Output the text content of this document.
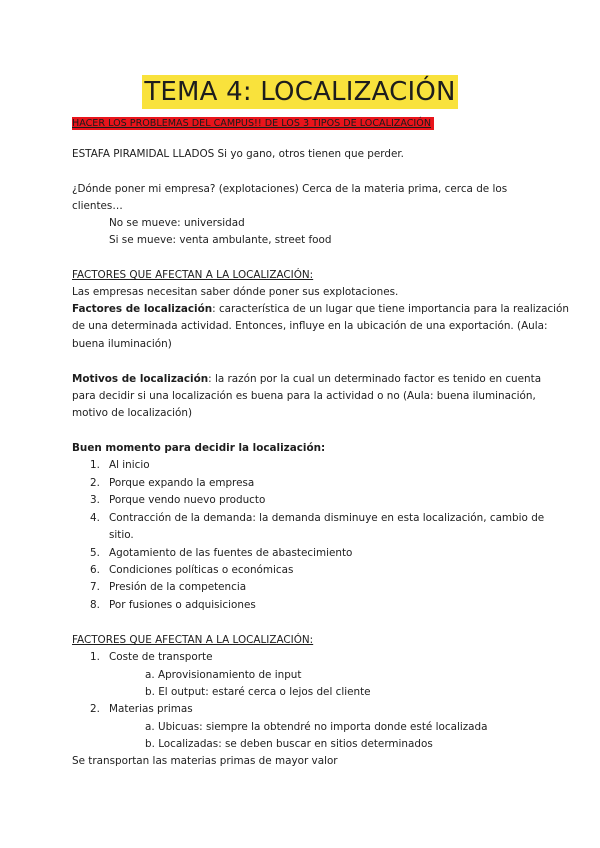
TEMA 4: LOCALIZACIÓN
HACER LOS PROBLEMAS DEL CAMPUS!! DE LOS 3 TIPOS DE LOCALIZACIÓN
ESTAFA PIRAMIDAL LLADOS Si yo gano, otros tienen que perder.
¿Dónde poner mi empresa? (explotaciones) Cerca de la materia prima, cerca de los
clientes…
No se mueve: universidad
Si se mueve: venta ambulante, street food
FACTORES QUE AFECTAN A LA LOCALIZACIÓN:
Las empresas necesitan saber dónde poner sus explotaciones.
Factores de localización: característica de un lugar que tiene importancia para la realización
de una determinada actividad. Entonces, influye en la ubicación de una exportación. (Aula:
buena iluminación)
Motivos de localización: la razón por la cual un determinado factor es tenido en cuenta
para decidir si una localización es buena para la actividad o no (Aula: buena iluminación,
motivo de localización)
Buen momento para decidir la localización:
1. Al inicio
2. Porque expando la empresa
3. Porque vendo nuevo producto
4. Contracción de la demanda: la demanda disminuye en esta localización, cambio de
sitio.
5. Agotamiento de las fuentes de abastecimiento
6. Condiciones políticas o económicas
7. Presión de la competencia
8. Por fusiones o adquisiciones
FACTORES QUE AFECTAN A LA LOCALIZACIÓN:
1. Coste de transporte
a. Aprovisionamiento de input
b. El output: estaré cerca o lejos del cliente
2. Materias primas
a. Ubicuas: siempre la obtendré no importa donde esté localizada
b. Localizadas: se deben buscar en sitios determinados
Se transportan las materias primas de mayor valor
